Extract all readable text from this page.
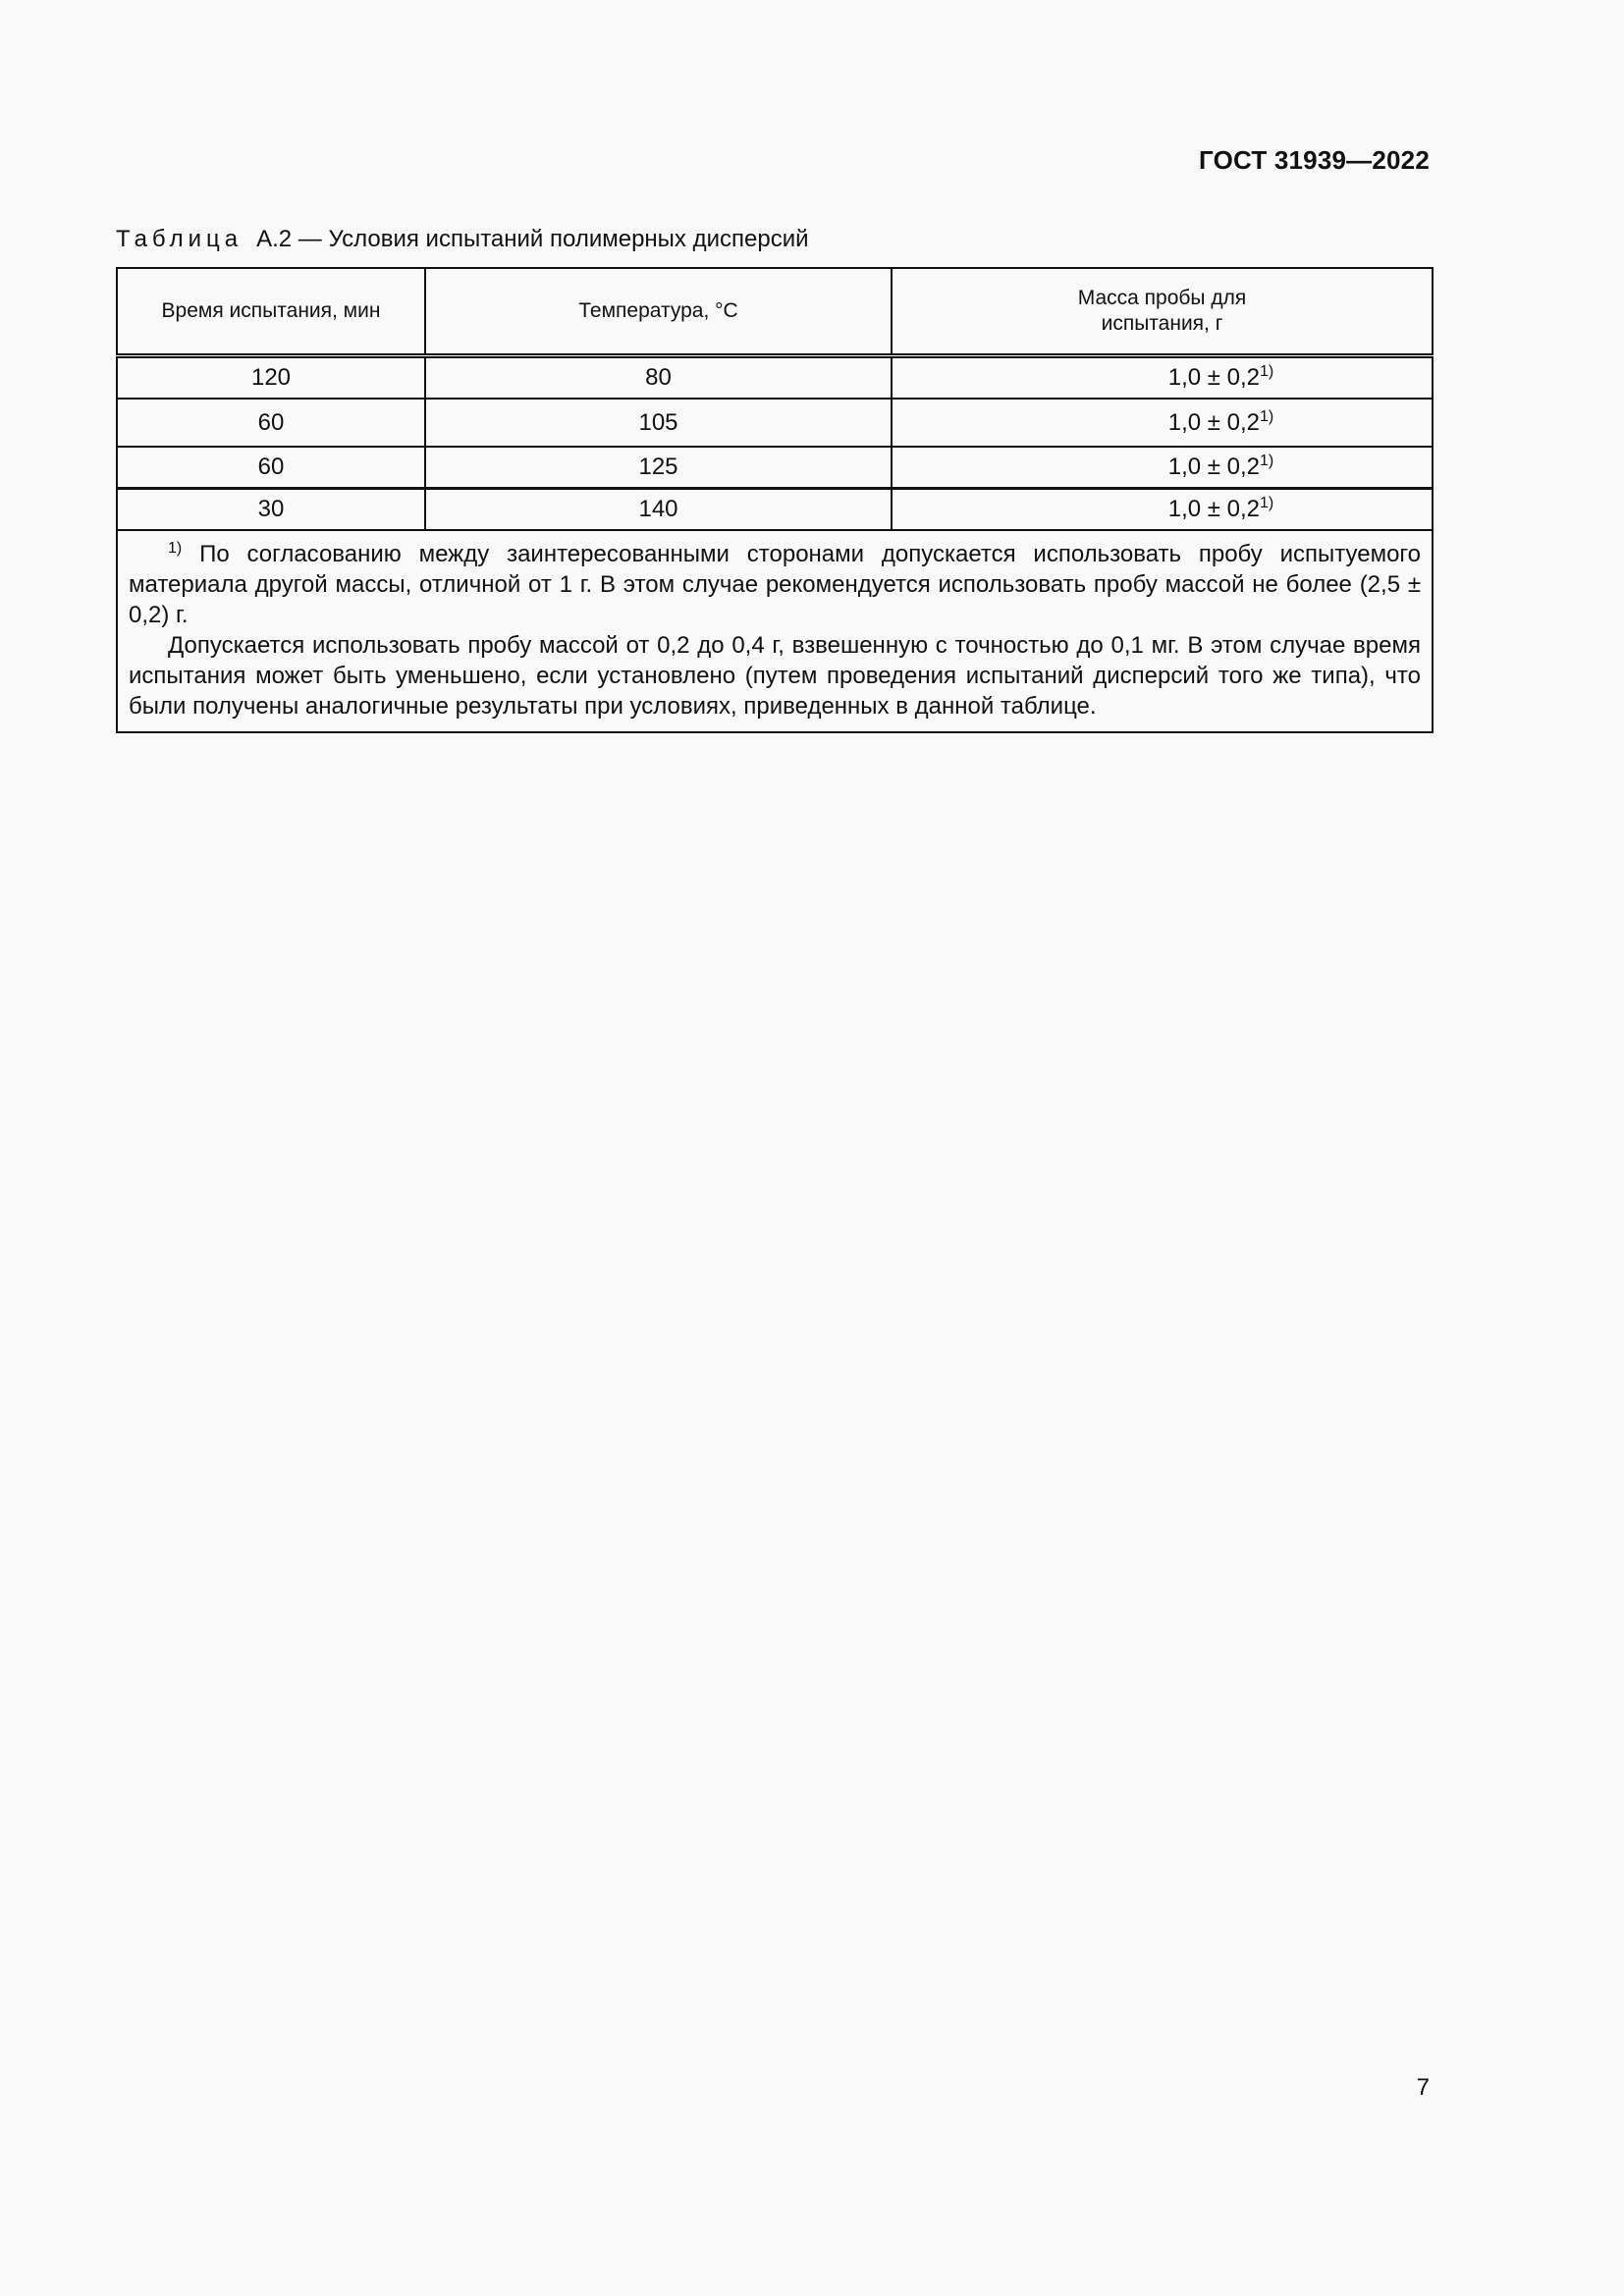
ГОСТ 31939—2022
Таблица А.2 — Условия испытаний полимерных дисперсий
Время испытания, мин	Температура, °С	Масса пробы для
испытания, г
120	80	$1,0 \pm 0,2^{1)}$
60	105	$1,0 \pm 0,2^{1)}$
60	125	$1,0 \pm 0,2^{1)}$
30	140	$1,0 \pm 0,2^{1)}$

$^{1)}$ По согласованию между заинтересованными сторонами допускается использовать пробу испытуемого материала другой массы, отличной от 1 г. В этом случае рекомендуется использовать пробу массой не более (2,5 ± 0,2) г.

Допускается использовать пробу массой от 0,2 до 0,4 г, взвешенную с точностью до 0,1 мг. В этом случае время испытания может быть уменьшено, если установлено (путем проведения испытаний дисперсий того же типа), что были получены аналогичные результаты при условиях, приведенных в данной таблице.		

7
